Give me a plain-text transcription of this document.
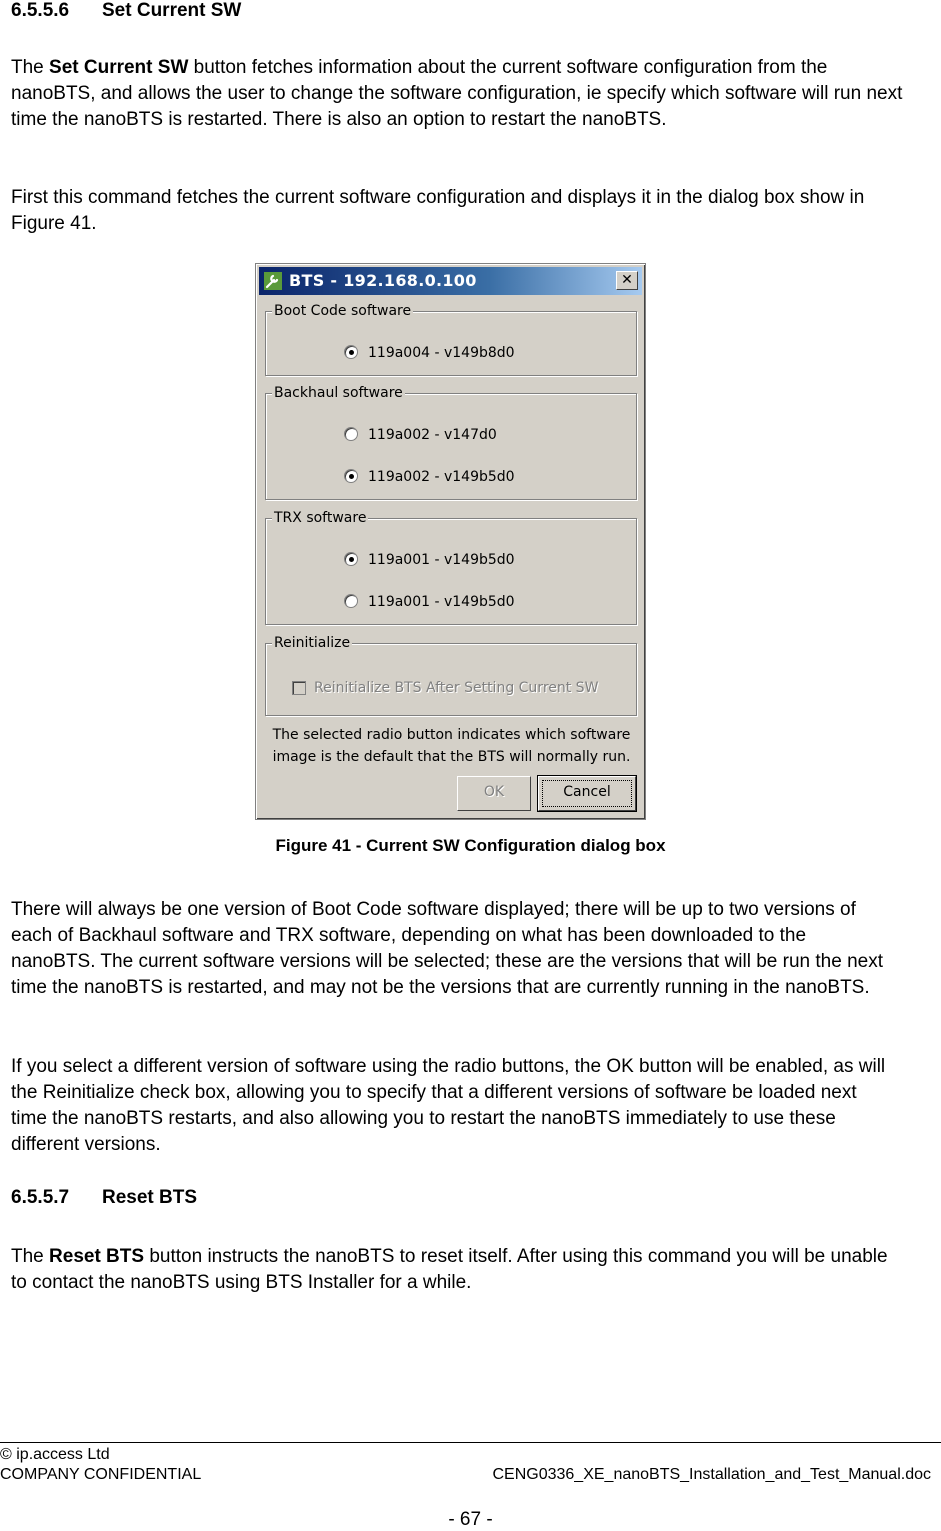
6.5.5.6 Set Current SW
The Set Current SW button fetches information about the current software configuration from the nanoBTS, and allows the user to change the software configuration, ie specify which software will run next time the nanoBTS is restarted. There is also an option to restart the nanoBTS.
First this command fetches the current software configuration and displays it in the dialog box show in Figure 41.
BTS - 192.168.0.100	✕
Boot Code software
119a004 - v149b8d0
Backhaul software
119a002 - v147d0
119a002 - v149b5d0
TRX software
119a001 - v149b5d0
119a001 - v149b5d0
Reinitialize
Reinitialize BTS After Setting Current SW
The selected radio button indicates which software
image is the default that the BTS will normally run.
OK	Cancel
Figure 41 - Current SW Configuration dialog box
There will always be one version of Boot Code software displayed; there will be up to two versions of each of Backhaul software and TRX software, depending on what has been downloaded to the nanoBTS. The current software versions will be selected; these are the versions that will be run the next time the nanoBTS is restarted, and may not be the versions that are currently running in the nanoBTS.
If you select a different version of software using the radio buttons, the OK button will be enabled, as will the Reinitialize check box, allowing you to specify that a different versions of software be loaded next time the nanoBTS restarts, and also allowing you to restart the nanoBTS immediately to use these different versions.
6.5.5.7 Reset BTS
The Reset BTS button instructs the nanoBTS to reset itself. After using this command you will be unable to contact the nanoBTS using BTS Installer for a while.
© ip.access Ltd
COMPANY CONFIDENTIAL	CENG0336_XE_nanoBTS_Installation_and_Test_Manual.doc
- 67 -
